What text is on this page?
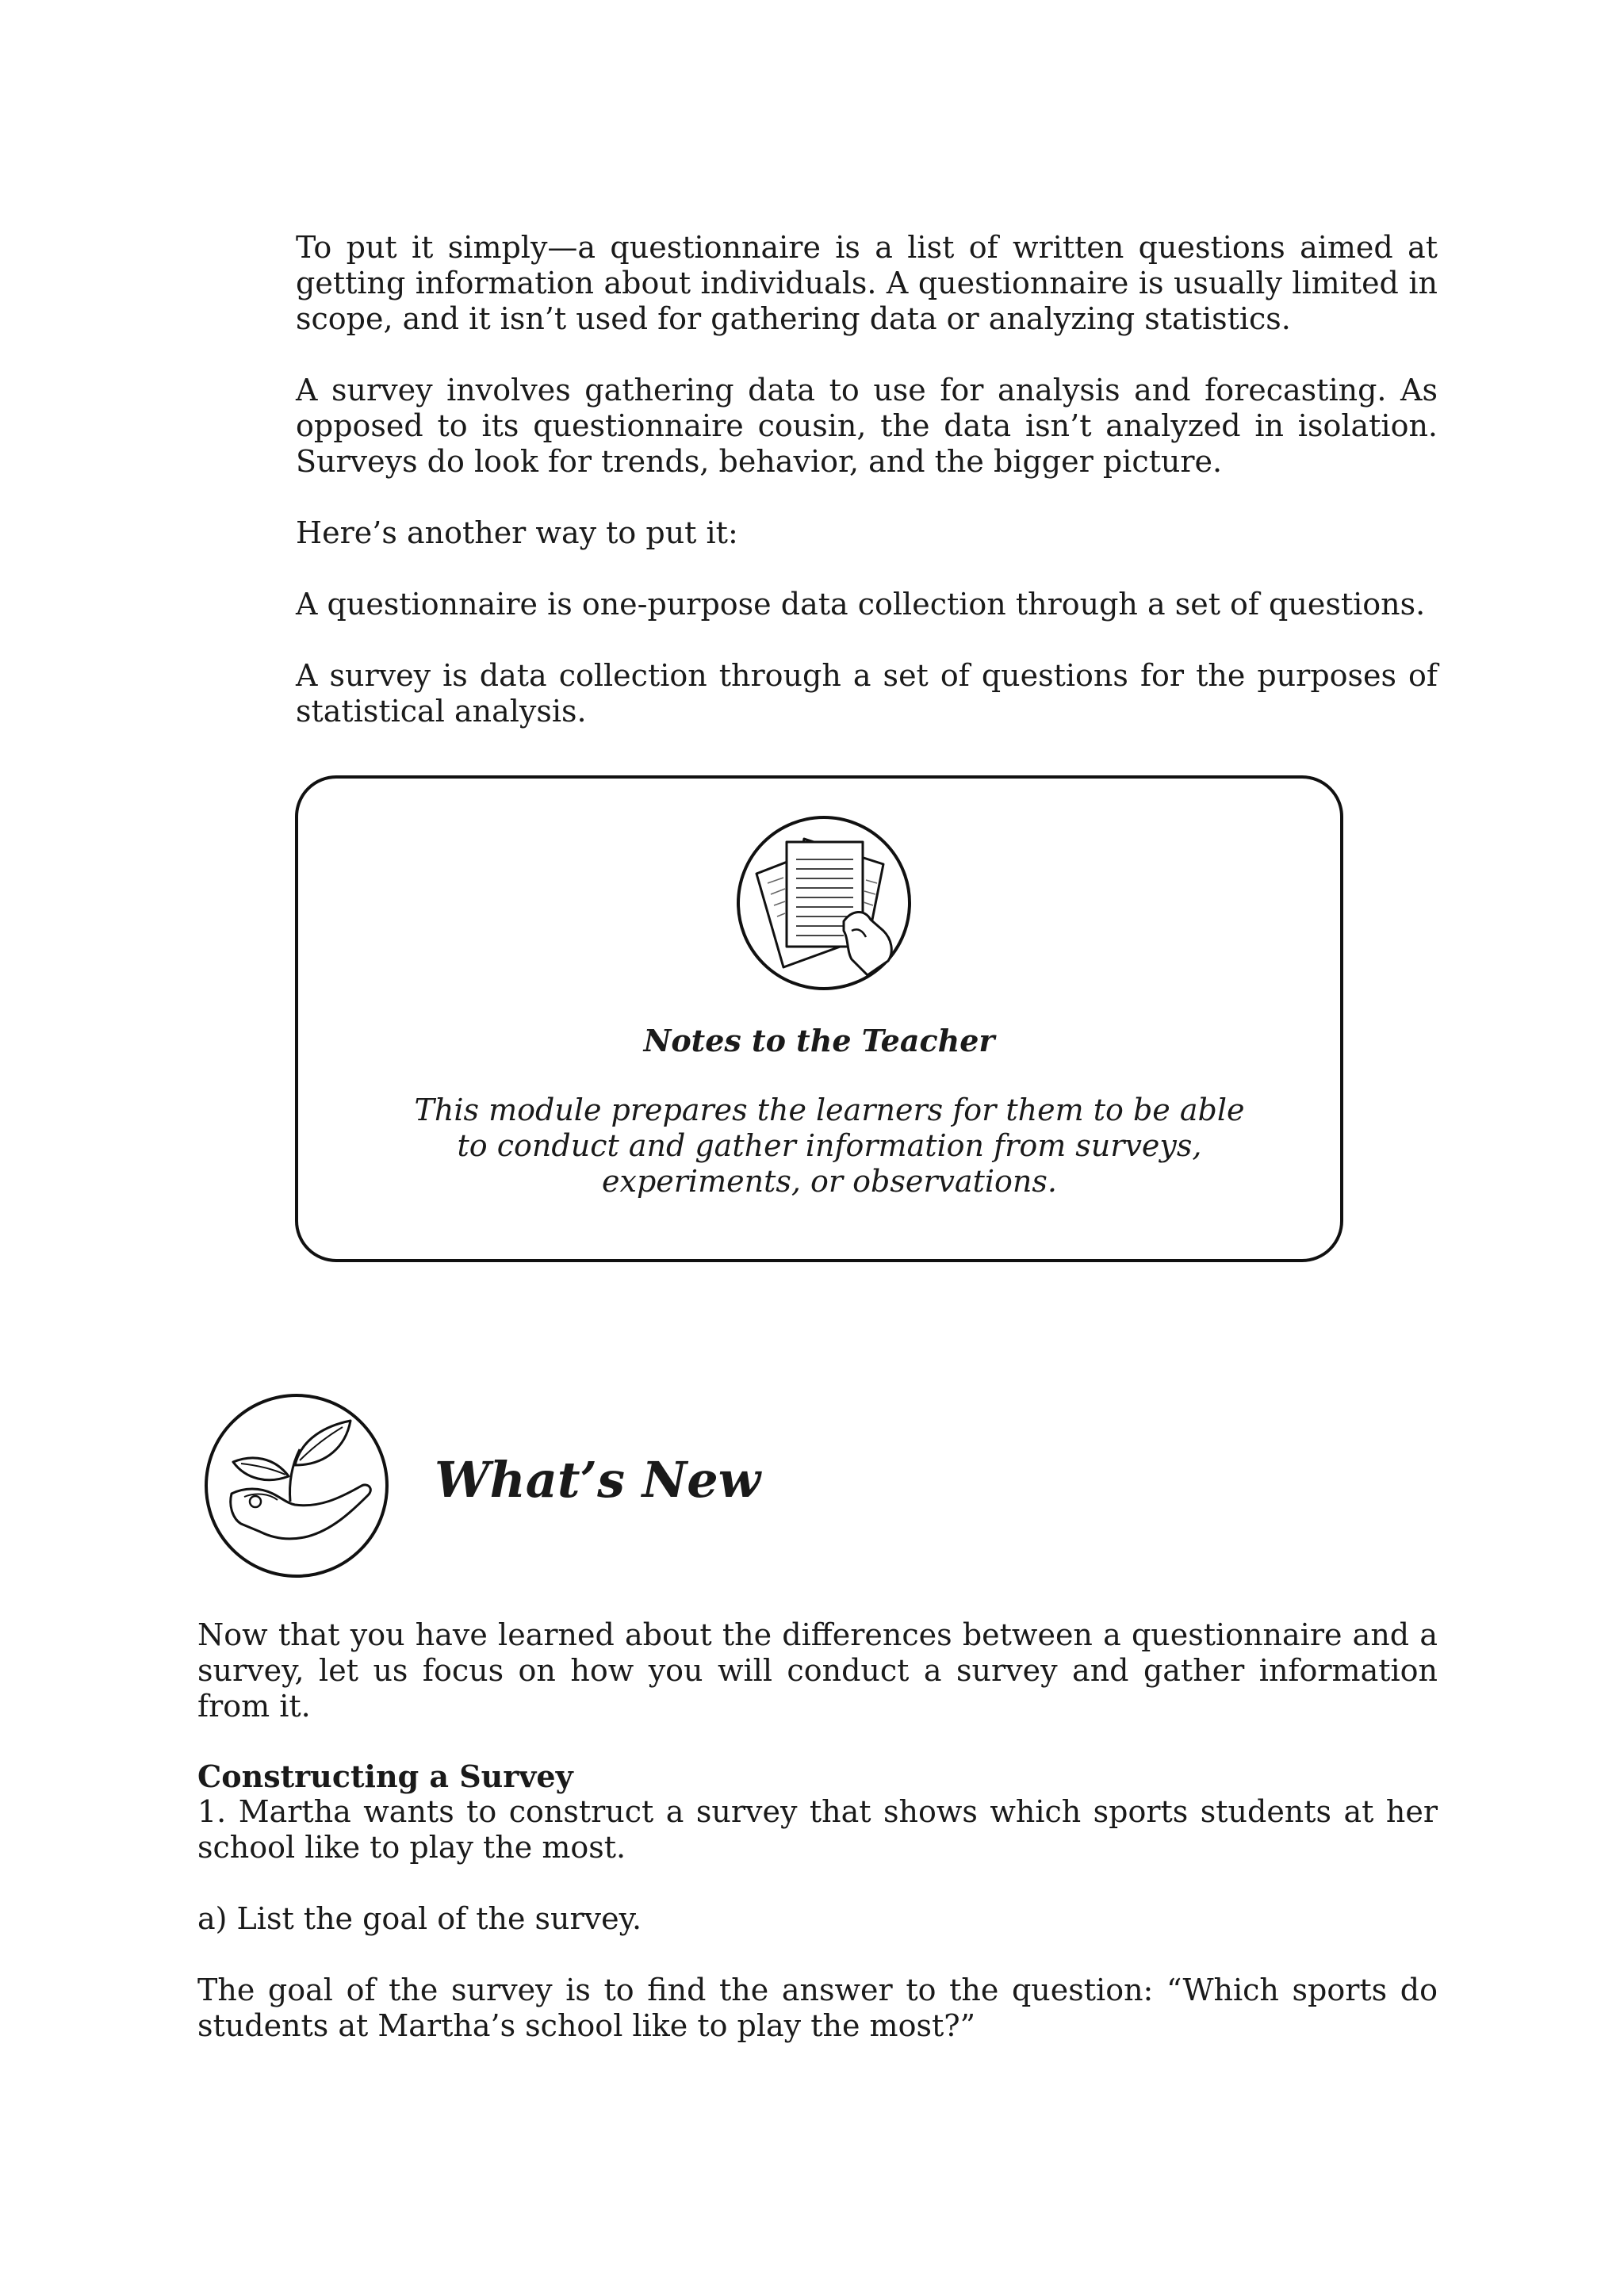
To put it simply—a questionnaire is a list of written questions aimed at getting information about individuals. A questionnaire is usually limited in scope, and it isn’t used for gathering data or analyzing statistics.

A survey involves gathering data to use for analysis and forecasting. As opposed to its questionnaire cousin, the data isn’t analyzed in isolation. Surveys do look for trends, behavior, and the bigger picture.

Here’s another way to put it:

A questionnaire is one-purpose data collection through a set of questions.

A survey is data collection through a set of questions for the purposes of statistical analysis.

Notes to the Teacher
This module prepares the learners for them to be able to conduct and gather information from surveys, experiments, or observations.
What’s New

Now that you have learned about the differences between a questionnaire and a survey, let us focus on how you will conduct a survey and gather information from it.

Constructing a Survey

1. Martha wants to construct a survey that shows which sports students at her school like to play the most.

a) List the goal of the survey.

The goal of the survey is to find the answer to the question: “Which sports do students at Martha’s school like to play the most?”
